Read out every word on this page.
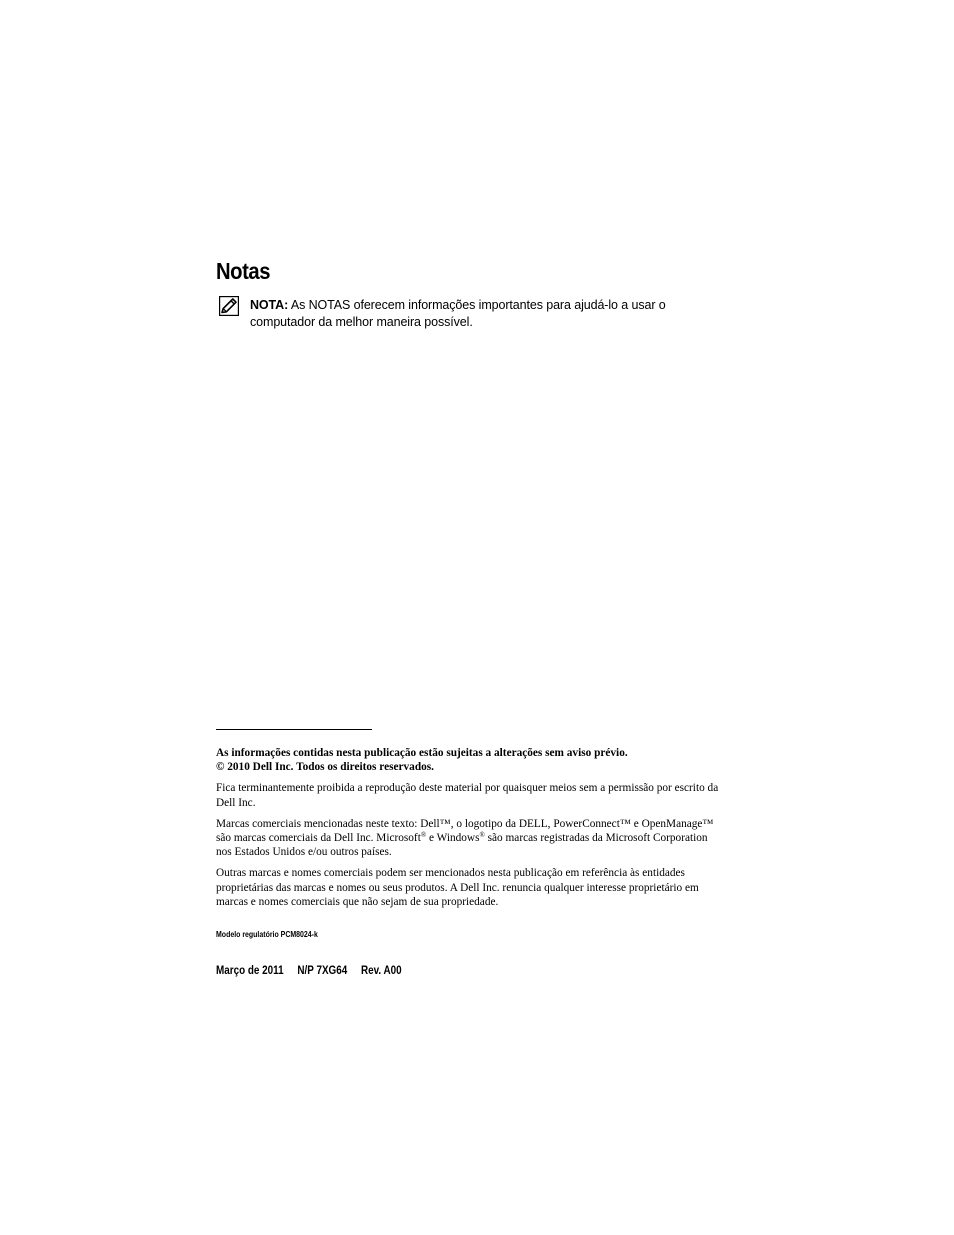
Notas
NOTA: As NOTAS oferecem informações importantes para ajudá-lo a usar o computador da melhor maneira possível.

As informações contidas nesta publicação estão sujeitas a alterações sem aviso prévio.
© 2010 Dell Inc. Todos os direitos reservados.

Fica terminantemente proibida a reprodução deste material por quaisquer meios sem a permissão por escrito da Dell Inc.

Marcas comerciais mencionadas neste texto: Dell™, o logotipo da DELL, PowerConnect™ e OpenManage™ são marcas comerciais da Dell Inc. Microsoft® e Windows® são marcas registradas da Microsoft Corporation nos Estados Unidos e/ou outros países.

Outras marcas e nomes comerciais podem ser mencionados nesta publicação em referência às entidades proprietárias das marcas e nomes ou seus produtos. A Dell Inc. renuncia qualquer interesse proprietário em marcas e nomes comerciais que não sejam de sua propriedade.

Modelo regulatório PCM8024-k
Março de 2011 N/P 7XG64 Rev. A00
